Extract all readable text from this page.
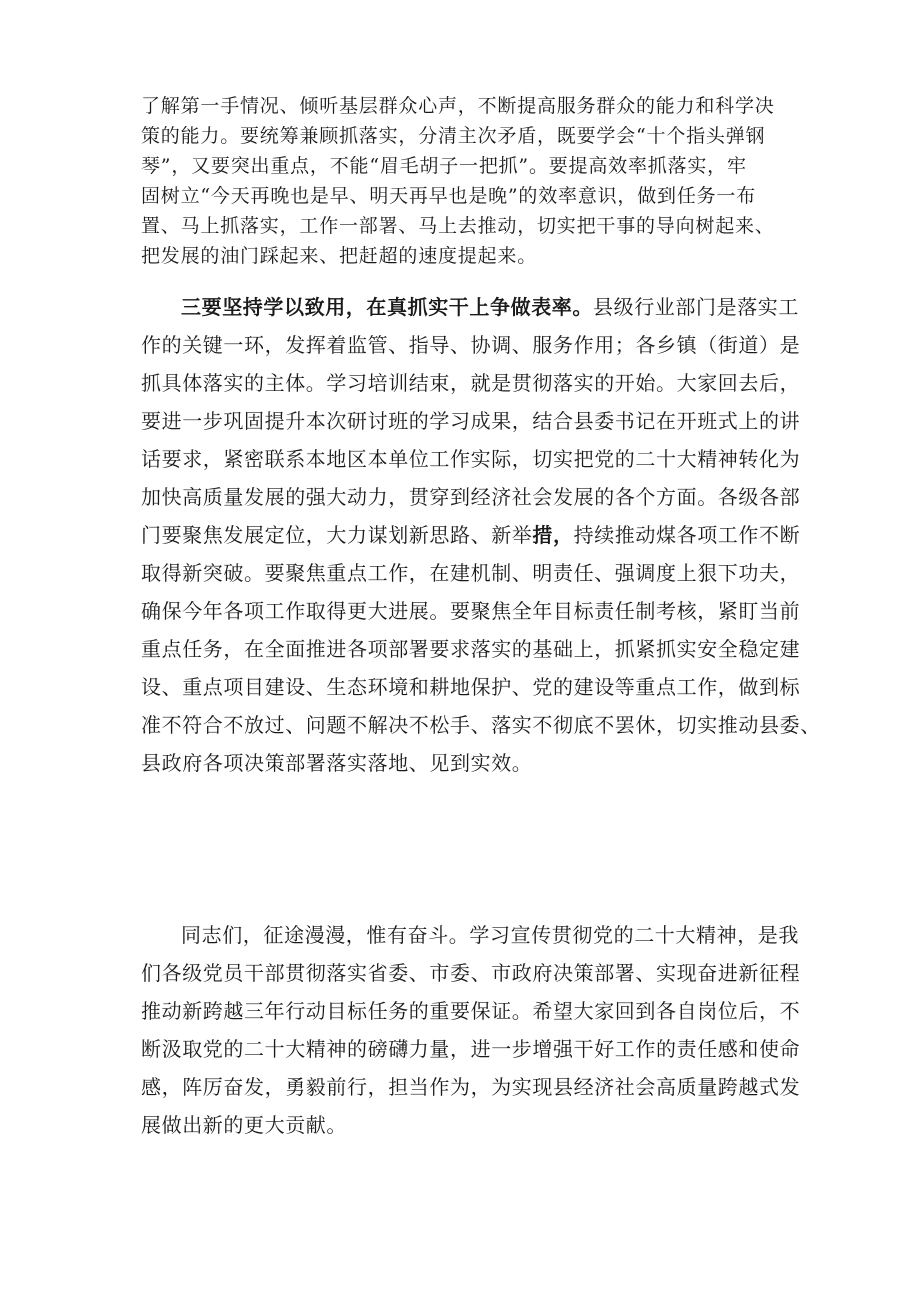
了解第一手情况、倾听基层群众心声，不断提高服务群众的能力和科学决

策的能力。要统筹兼顾抓落实，分清主次矛盾，既要学会“十个指头弹钢

琴”，又要突出重点，不能“眉毛胡子一把抓”。要提高效率抓落实，牢

固树立“今天再晚也是早、明天再早也是晚”的效率意识，做到任务一布

置、马上抓落实，工作一部署、马上去推动，切实把干事的导向树起来、

把发展的油门踩起来、把赶超的速度提起来。

三要坚持学以致用，在真抓实干上争做表率。县级行业部门是落实工

作的关键一环，发挥着监管、指导、协调、服务作用；各乡镇（街道）是

抓具体落实的主体。学习培训结束，就是贯彻落实的开始。大家回去后，

要进一步巩固提升本次研讨班的学习成果，结合县委书记在开班式上的讲

话要求，紧密联系本地区本单位工作实际，切实把党的二十大精神转化为

加快高质量发展的强大动力，贯穿到经济社会发展的各个方面。各级各部

门要聚焦发展定位，大力谋划新思路、新举措，持续推动煤各项工作不断

取得新突破。要聚焦重点工作，在建机制、明责任、强调度上狠下功夫，

确保今年各项工作取得更大进展。要聚焦全年目标责任制考核，紧盯当前

重点任务，在全面推进各项部署要求落实的基础上，抓紧抓实安全稳定建

设、重点项目建设、生态环境和耕地保护、党的建设等重点工作，做到标

准不符合不放过、问题不解决不松手、落实不彻底不罢休，切实推动县委、

县政府各项决策部署落实落地、见到实效。

同志们，征途漫漫，惟有奋斗。学习宣传贯彻党的二十大精神，是我

们各级党员干部贯彻落实省委、市委、市政府决策部署、实现奋进新征程

推动新跨越三年行动目标任务的重要保证。希望大家回到各自岗位后，不

断汲取党的二十大精神的磅礴力量，进一步增强干好工作的责任感和使命

感，阵厉奋发，勇毅前行，担当作为，为实现县经济社会高质量跨越式发

展做出新的更大贡献。
